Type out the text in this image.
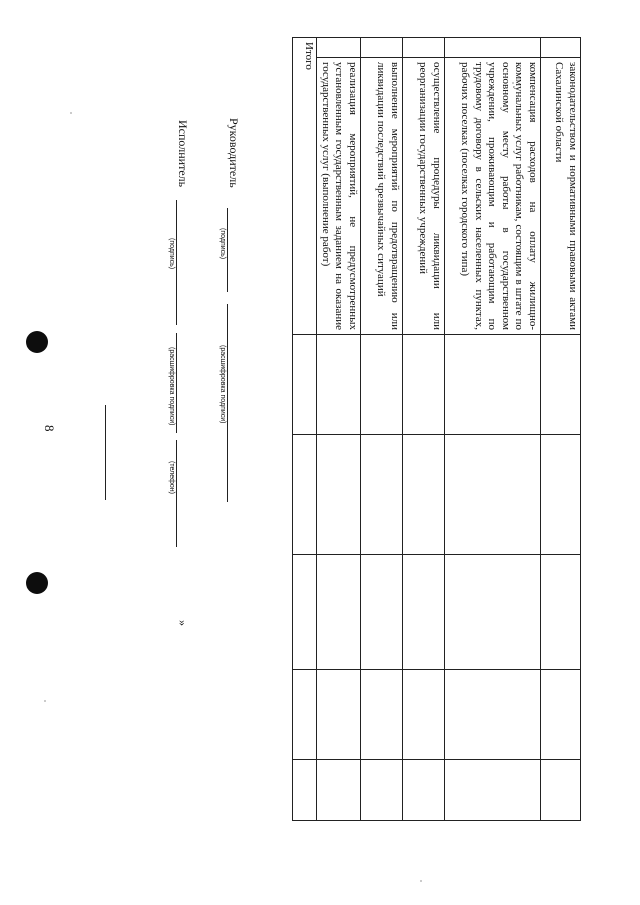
8
	законодательством и нормативными правовыми актами Сахалинской области					
	компенсация расходов на оплату жилищно-коммунальных услуг работникам, состоящим в штате по основному месту работы в государственном учреждении, проживающим и работающим по трудовому договору в сельских населенных пунктах, рабочих поселках (поселках городского типа)					
	осуществление процедуры ликвидации или реорганизации государственных учреждений					
	выполнение мероприятий по предотвращению или ликвидации последствий чрезвычайных ситуаций					
	реализация мероприятий, не предусмотренных установленным государственным заданием на оказание государственных услуг (выполнение работ)					
Итого						
Руководитель
(подпись)
(расшифровка подписи)
Исполнитель
(подпись)
(расшифровка подписи)
(телефон)
»
